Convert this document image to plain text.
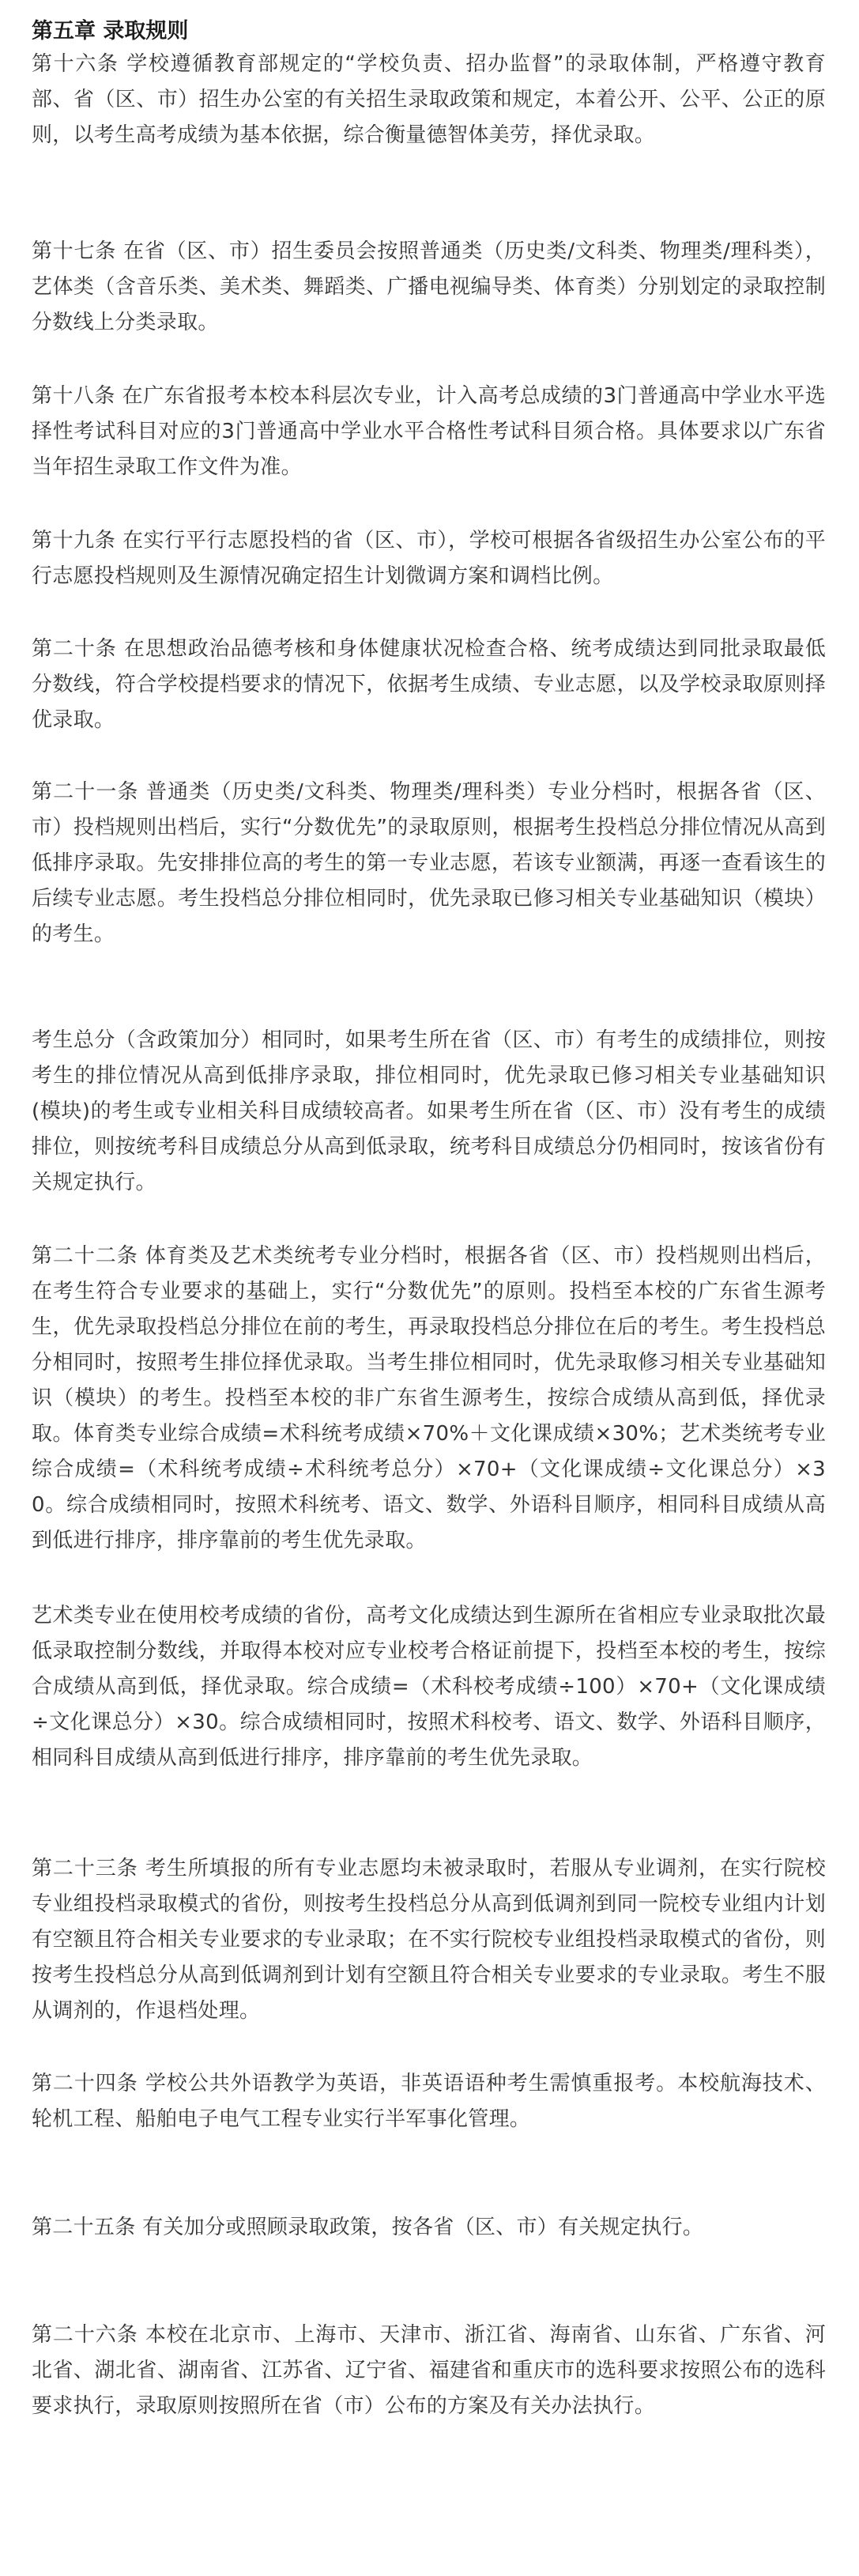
第五章 录取规则

第十六条 学校遵循教育部规定的“学校负责、招办监督”的录取体制，严格遵守教育部、省（区、市）招生办公室的有关招生录取政策和规定，本着公开、公平、公正的原则，以考生高考成绩为基本依据，综合衡量德智体美劳，择优录取。

第十七条 在省（区、市）招生委员会按照普通类（历史类/文科类、物理类/理科类），艺体类（含音乐类、美术类、舞蹈类、广播电视编导类、体育类）分别划定的录取控制分数线上分类录取。

第十八条 在广东省报考本校本科层次专业，计入高考总成绩的3门普通高中学业水平选择性考试科目对应的3门普通高中学业水平合格性考试科目须合格。具体要求以广东省当年招生录取工作文件为准。

第十九条 在实行平行志愿投档的省（区、市），学校可根据各省级招生办公室公布的平行志愿投档规则及生源情况确定招生计划微调方案和调档比例。

第二十条 在思想政治品德考核和身体健康状况检查合格、统考成绩达到同批录取最低分数线，符合学校提档要求的情况下，依据考生成绩、专业志愿，以及学校录取原则择优录取。

第二十一条 普通类（历史类/文科类、物理类/理科类）专业分档时，根据各省（区、市）投档规则出档后，实行“分数优先”的录取原则，根据考生投档总分排位情况从高到低排序录取。先安排排位高的考生的第一专业志愿，若该专业额满，再逐一查看该生的后续专业志愿。考生投档总分排位相同时，优先录取已修习相关专业基础知识（模块）的考生。

考生总分（含政策加分）相同时，如果考生所在省（区、市）有考生的成绩排位，则按考生的排位情况从高到低排序录取，排位相同时，优先录取已修习相关专业基础知识(模块)的考生或专业相关科目成绩较高者。如果考生所在省（区、市）没有考生的成绩排位，则按统考科目成绩总分从高到低录取，统考科目成绩总分仍相同时，按该省份有关规定执行。

第二十二条 体育类及艺术类统考专业分档时，根据各省（区、市）投档规则出档后，在考生符合专业要求的基础上，实行“分数优先”的原则。投档至本校的广东省生源考生，优先录取投档总分排位在前的考生，再录取投档总分排位在后的考生。考生投档总分相同时，按照考生排位择优录取。当考生排位相同时，优先录取修习相关专业基础知识（模块）的考生。投档至本校的非广东省生源考生，按综合成绩从高到低，择优录取。体育类专业综合成绩=术科统考成绩×70%＋文化课成绩×30%；艺术类统考专业综合成绩=（术科统考成绩÷术科统考总分）×70+（文化课成绩÷文化课总分）×30。综合成绩相同时，按照术科统考、语文、数学、外语科目顺序，相同科目成绩从高到低进行排序，排序靠前的考生优先录取。

艺术类专业在使用校考成绩的省份，高考文化成绩达到生源所在省相应专业录取批次最低录取控制分数线，并取得本校对应专业校考合格证前提下，投档至本校的考生，按综合成绩从高到低，择优录取。综合成绩=（术科校考成绩÷100）×70+（文化课成绩÷文化课总分）×30。综合成绩相同时，按照术科校考、语文、数学、外语科目顺序，相同科目成绩从高到低进行排序，排序靠前的考生优先录取。

第二十三条 考生所填报的所有专业志愿均未被录取时，若服从专业调剂，在实行院校专业组投档录取模式的省份，则按考生投档总分从高到低调剂到同一院校专业组内计划有空额且符合相关专业要求的专业录取；在不实行院校专业组投档录取模式的省份，则按考生投档总分从高到低调剂到计划有空额且符合相关专业要求的专业录取。考生不服从调剂的，作退档处理。

第二十四条 学校公共外语教学为英语，非英语语种考生需慎重报考。本校航海技术、轮机工程、船舶电子电气工程专业实行半军事化管理。

第二十五条 有关加分或照顾录取政策，按各省（区、市）有关规定执行。

第二十六条 本校在北京市、上海市、天津市、浙江省、海南省、山东省、广东省、河北省、湖北省、湖南省、江苏省、辽宁省、福建省和重庆市的选科要求按照公布的选科要求执行，录取原则按照所在省（市）公布的方案及有关办法执行。
